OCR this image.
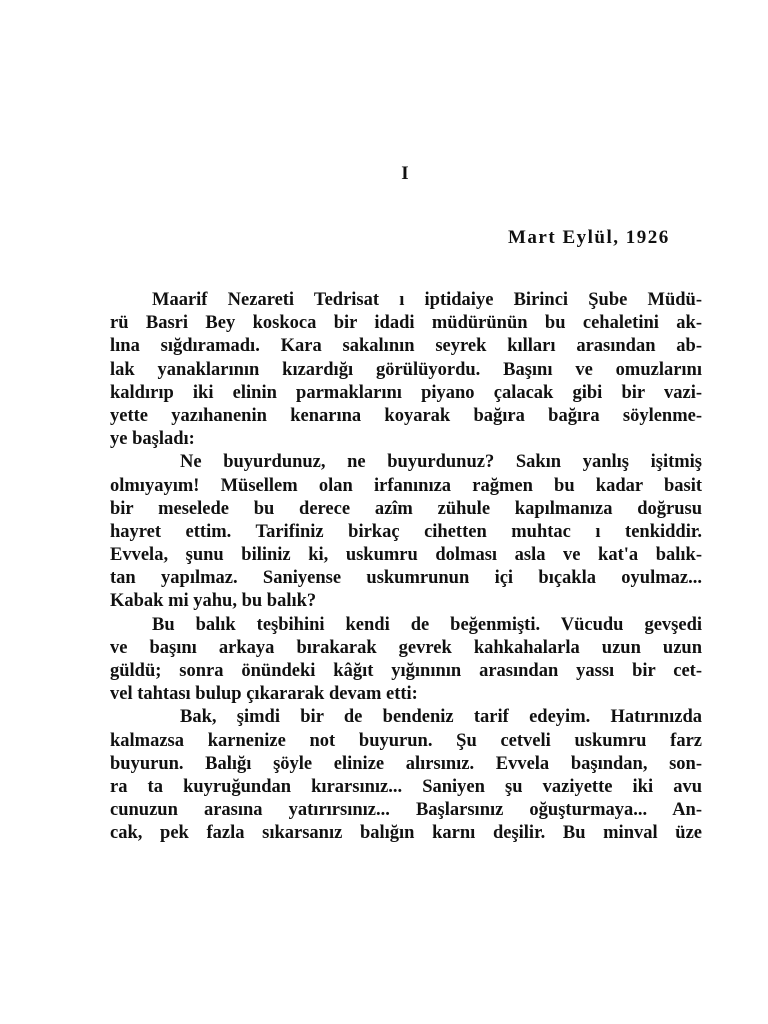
I
Mart Eylül, 1926
Maarif Nezareti Tedrisat ı iptidaiye Birinci Şube Müdü-
rü Basri Bey koskoca bir idadi müdürünün bu cehaletini ak-
lına sığdıramadı. Kara sakalının seyrek kılları arasından ab-
lak yanaklarının kızardığı görülüyordu. Başını ve omuzlarını
kaldırıp iki elinin parmaklarını piyano çalacak gibi bir vazi-
yette yazıhanenin kenarına koyarak bağıra bağıra söylenme-
ye başladı:
Ne buyurdunuz, ne buyurdunuz? Sakın yanlış işitmiş
olmıyayım! Müsellem olan irfanınıza rağmen bu kadar basit
bir meselede bu derece azîm zühule kapılmanıza doğrusu
hayret ettim. Tarifiniz birkaç cihetten muhtac ı tenkiddir.
Evvela, şunu biliniz ki, uskumru dolması asla ve kat'a balık-
tan yapılmaz. Saniyense uskumrunun içi bıçakla oyulmaz...
Kabak mi yahu, bu balık?
Bu balık teşbihini kendi de beğenmişti. Vücudu gevşedi
ve başını arkaya bırakarak gevrek kahkahalarla uzun uzun
güldü; sonra önündeki kâğıt yığınının arasından yassı bir cet-
vel tahtası bulup çıkararak devam etti:
Bak, şimdi bir de bendeniz tarif edeyim. Hatırınızda
kalmazsa karnenize not buyurun. Şu cetveli uskumru farz
buyurun. Balığı şöyle elinize alırsınız. Evvela başından, son-
ra ta kuyruğundan kırarsınız... Saniyen şu vaziyette iki avu
cunuzun arasına yatırırsınız... Başlarsınız oğuşturmaya... An-
cak, pek fazla sıkarsanız balığın karnı deşilir. Bu minval üze
